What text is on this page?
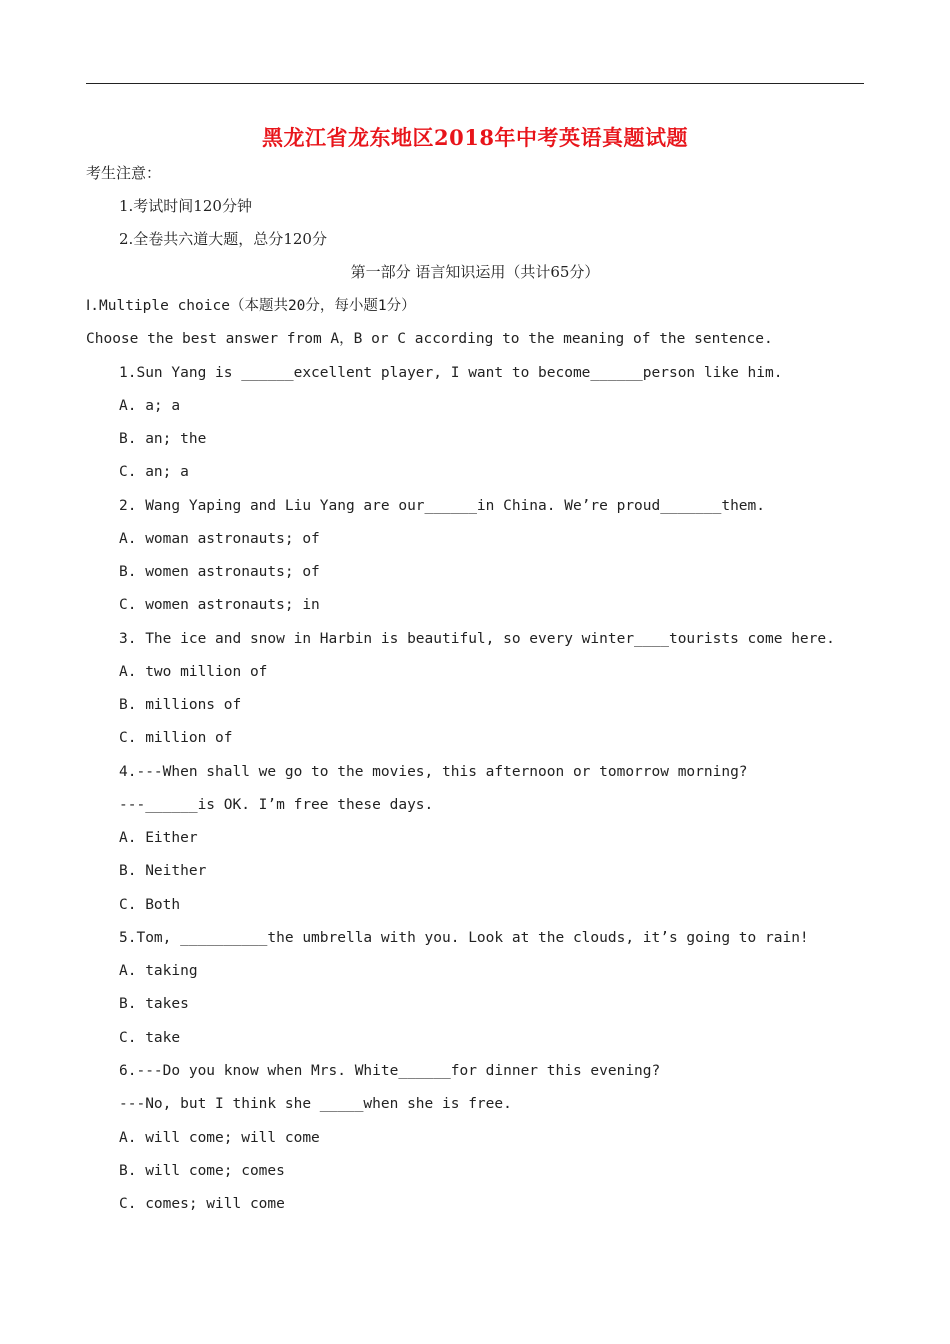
黑龙江省龙东地区2018年中考英语真题试题
考生注意：
1.考试时间120分钟
2.全卷共六道大题，总分120分
第一部分 语言知识运用（共计65分）
Ⅰ.Multiple choice（本题共20分，每小题1分）
Choose the best answer from A，B or C according to the meaning of the sentence.
1.Sun Yang is ______excellent player, I want to become______person like him.
A. a; a
B. an; the
C. an; a
2. Wang Yaping and Liu Yang are our______in China. We’re proud_______them.
A. woman astronauts; of
B. women astronauts; of
C. women astronauts; in
3. The ice and snow in Harbin is beautiful, so every winter____tourists come here.
A. two million of
B. millions of
C. million of
4.---When shall we go to the movies, this afternoon or tomorrow morning?
---______is OK. I’m free these days.
A. Either
B. Neither
C. Both
5.Tom, __________the umbrella with you. Look at the clouds, it’s going to rain!
A. taking
B. takes
C. take
6.---Do you know when Mrs. White______for dinner this evening?
---No, but I think she _____when she is free.
A. will come; will come
B. will come; comes
C. comes; will come
